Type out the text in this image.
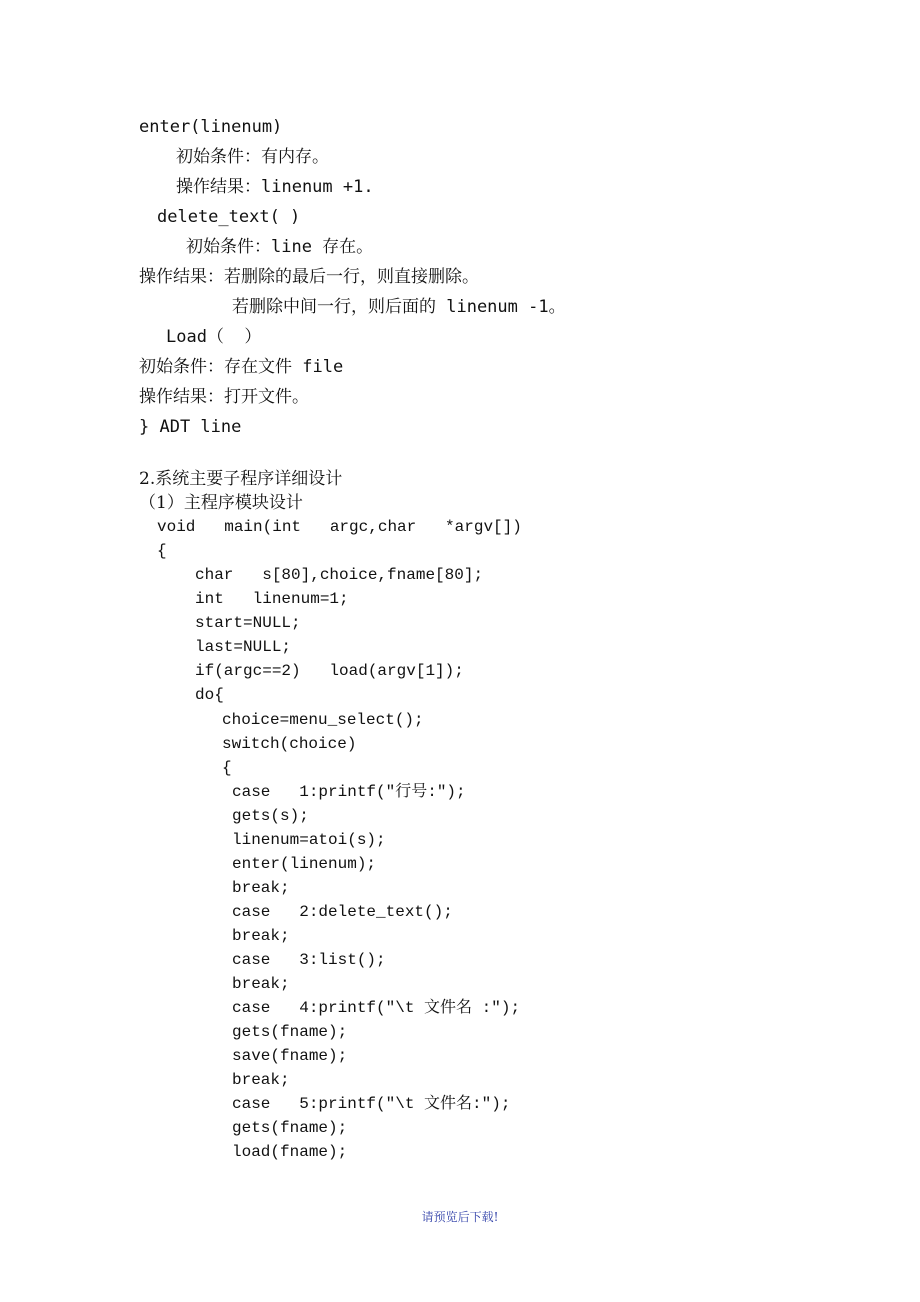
enter(linenum)
初始条件：有内存。
操作结果：linenum +1.
delete_text( )
初始条件：line 存在。
操作结果：若删除的最后一行，则直接删除。
若删除中间一行，则后面的 linenum -1。
Load（  ）
初始条件：存在文件 file
操作结果：打开文件。
} ADT line
2.系统主要子程序详细设计
（1）主程序模块设计
void   main(int   argc,char   *argv[])
{
char   s[80],choice,fname[80];
int   linenum=1;
start=NULL;
last=NULL;
if(argc==2)   load(argv[1]);
do{
choice=menu_select();
switch(choice)
{
case   1:printf("行号:");
gets(s);
linenum=atoi(s);
enter(linenum);
break;
case   2:delete_text();
break;
case   3:list();
break;
case   4:printf("\t 文件名 :");
gets(fname);
save(fname);
break;
case   5:printf("\t 文件名:");
gets(fname);
load(fname);
请预览后下载!
